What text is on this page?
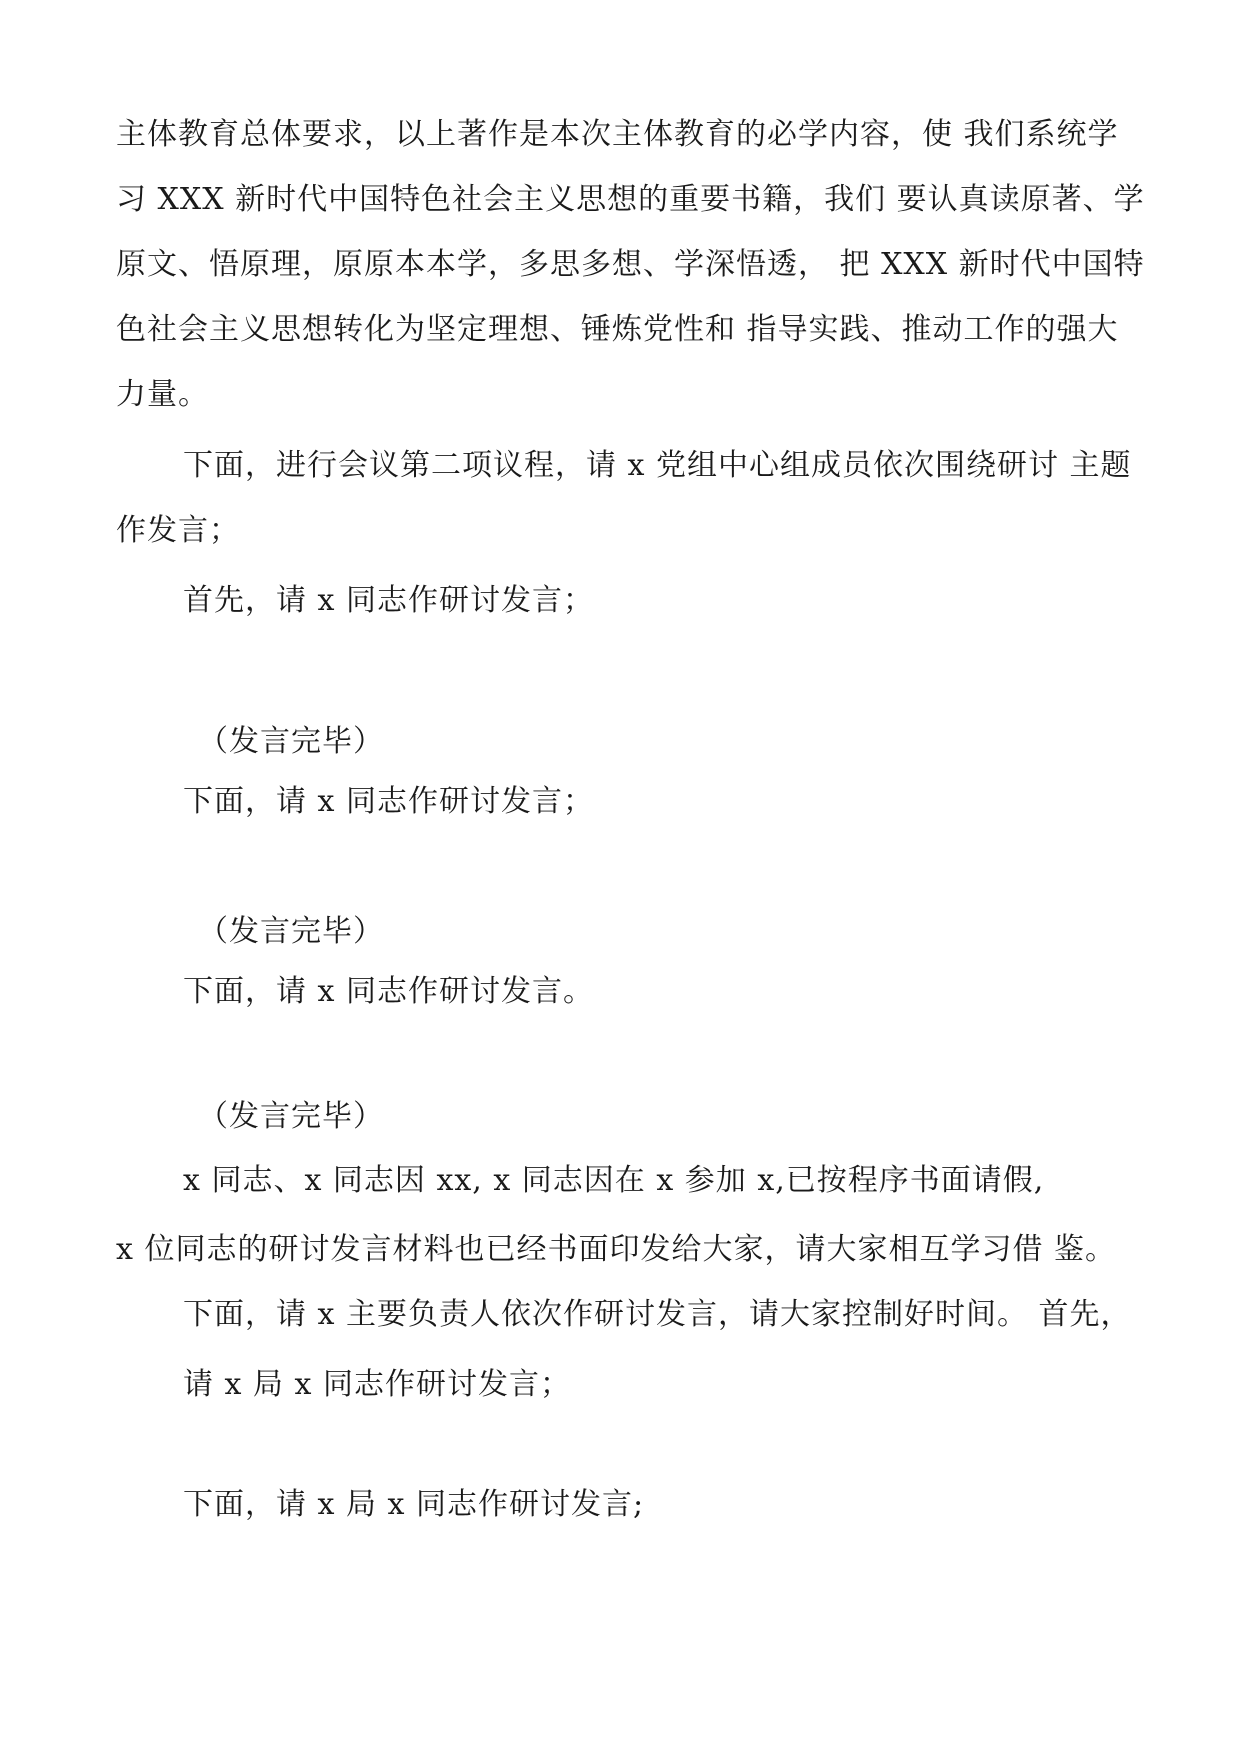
主体教育总体要求，以上著作是本次主体教育的必学内容，使 我们系统学
习 XXX 新时代中国特色社会主义思想的重要书籍，我们 要认真读原著、学
原文、悟原理，原原本本学，多思多想、学深悟透， 把 XXX 新时代中国特
色社会主义思想转化为坚定理想、锤炼党性和 指导实践、推动工作的强大
力量。
下面，进行会议第二项议程，请 x 党组中心组成员依次围绕研讨 主题
作发言；
首先，请 x 同志作研讨发言；
（发言完毕）
下面，请 x 同志作研讨发言；
（发言完毕）
下面，请 x 同志作研讨发言。
（发言完毕）
x 同志、x 同志因 xx, x 同志因在 x 参加 x,已按程序书面请假,
x 位同志的研讨发言材料也已经书面印发给大家，请大家相互学习借 鉴。
下面，请 x 主要负责人依次作研讨发言，请大家控制好时间。 首先，
请 x 局 x 同志作研讨发言；
下面，请 x 局 x 同志作研讨发言;
